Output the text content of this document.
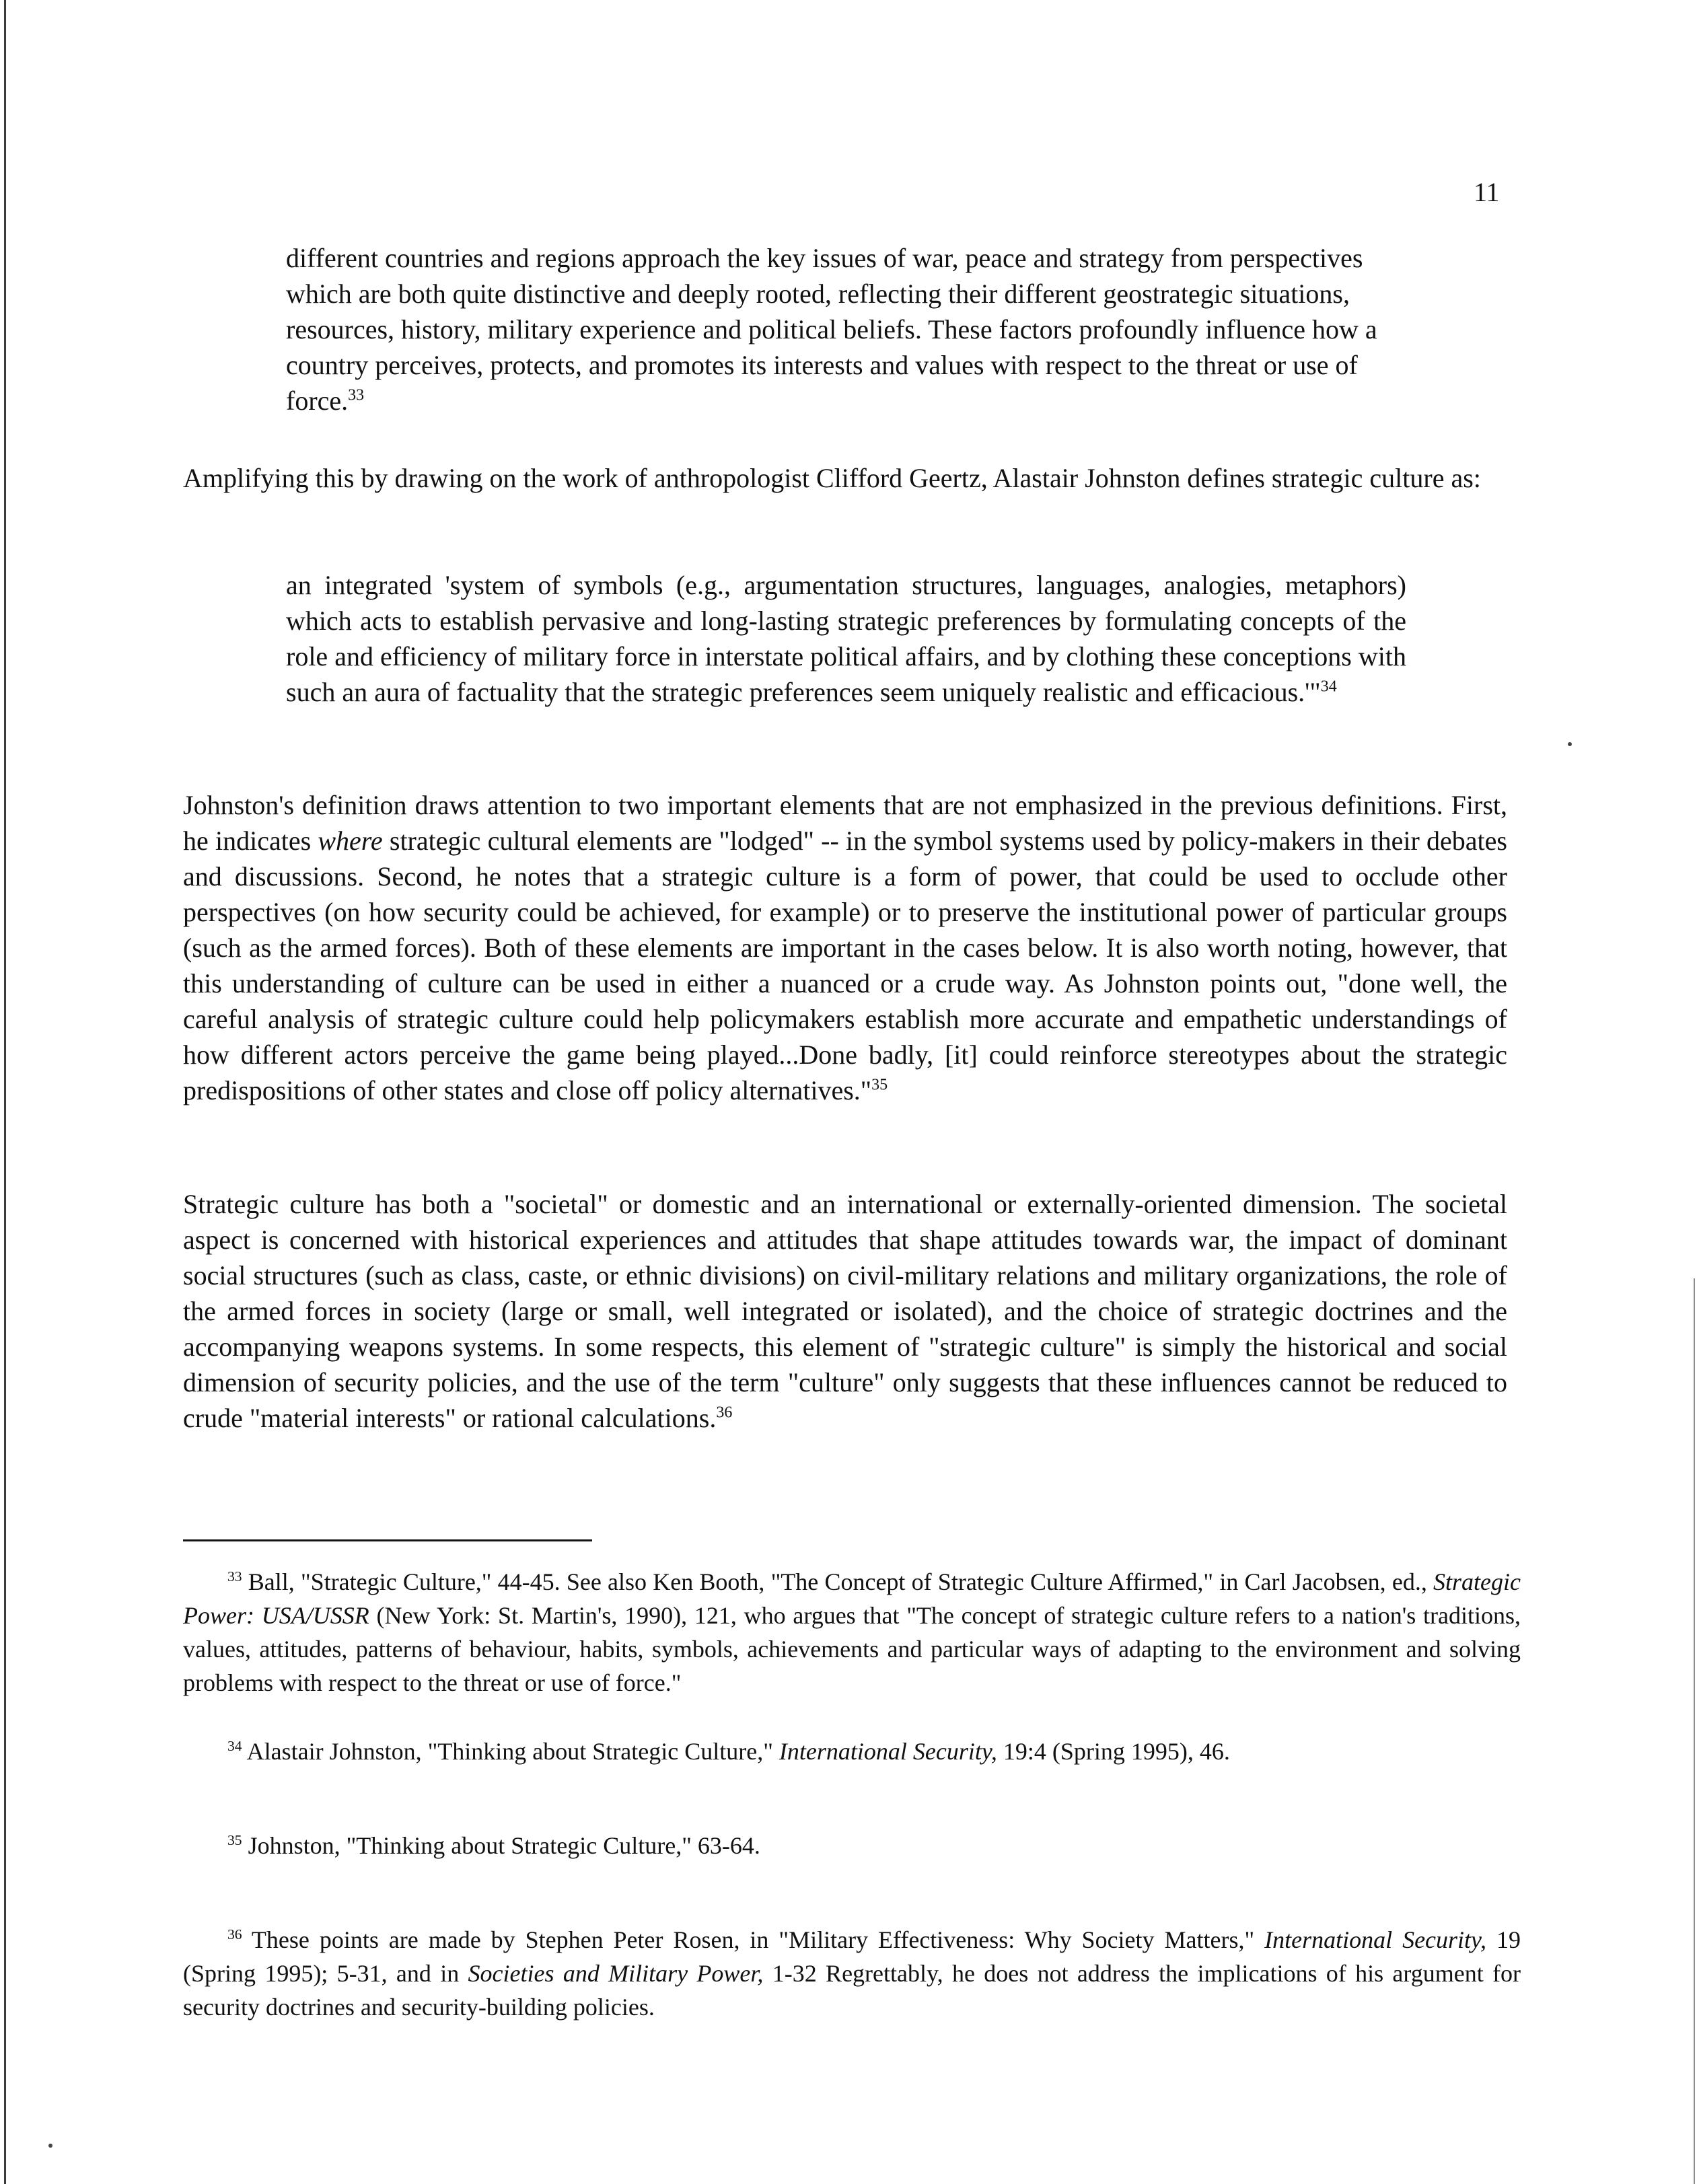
11

different countries and regions approach the key issues of war, peace and strategy from perspectives which are both quite distinctive and deeply rooted, reflecting their different geostrategic situations, resources, history, military experience and political beliefs. These factors profoundly influence how a country perceives, protects, and promotes its interests and values with respect to the threat or use of force.$^{33}$

Amplifying this by drawing on the work of anthropologist Clifford Geertz, Alastair Johnston defines strategic culture as:

an integrated 'system of symbols (e.g., argumentation structures, languages, analogies, metaphors) which acts to establish pervasive and long-lasting strategic preferences by formulating concepts of the role and efficiency of military force in interstate political affairs, and by clothing these conceptions with such an aura of factuality that the strategic preferences seem uniquely realistic and efficacious.'"$^{34}$

Johnston's definition draws attention to two important elements that are not emphasized in the previous definitions. First, he indicates where strategic cultural elements are "lodged" -- in the symbol systems used by policy-makers in their debates and discussions. Second, he notes that a strategic culture is a form of power, that could be used to occlude other perspectives (on how security could be achieved, for example) or to preserve the institutional power of particular groups (such as the armed forces). Both of these elements are important in the cases below. It is also worth noting, however, that this understanding of culture can be used in either a nuanced or a crude way. As Johnston points out, "done well, the careful analysis of strategic culture could help policymakers establish more accurate and empathetic understandings of how different actors perceive the game being played...Done badly, [it] could reinforce stereotypes about the strategic predispositions of other states and close off policy alternatives."$^{35}$

Strategic culture has both a "societal" or domestic and an international or externally-oriented dimension. The societal aspect is concerned with historical experiences and attitudes that shape attitudes towards war, the impact of dominant social structures (such as class, caste, or ethnic divisions) on civil-military relations and military organizations, the role of the armed forces in society (large or small, well integrated or isolated), and the choice of strategic doctrines and the accompanying weapons systems. In some respects, this element of "strategic culture" is simply the historical and social dimension of security policies, and the use of the term "culture" only suggests that these influences cannot be reduced to crude "material interests" or rational calculations.$^{36}$

$^{33}$ Ball, "Strategic Culture," 44-45. See also Ken Booth, "The Concept of Strategic Culture Affirmed," in Carl Jacobsen, ed., Strategic Power: USA/USSR (New York: St. Martin's, 1990), 121, who argues that "The concept of strategic culture refers to a nation's traditions, values, attitudes, patterns of behaviour, habits, symbols, achievements and particular ways of adapting to the environment and solving problems with respect to the threat or use of force."

$^{34}$ Alastair Johnston, "Thinking about Strategic Culture," International Security, 19:4 (Spring 1995), 46.

$^{35}$ Johnston, "Thinking about Strategic Culture," 63-64.

$^{36}$ These points are made by Stephen Peter Rosen, in "Military Effectiveness: Why Society Matters," International Security, 19 (Spring 1995); 5-31, and in Societies and Military Power, 1-32 Regrettably, he does not address the implications of his argument for security doctrines and security-building policies.
